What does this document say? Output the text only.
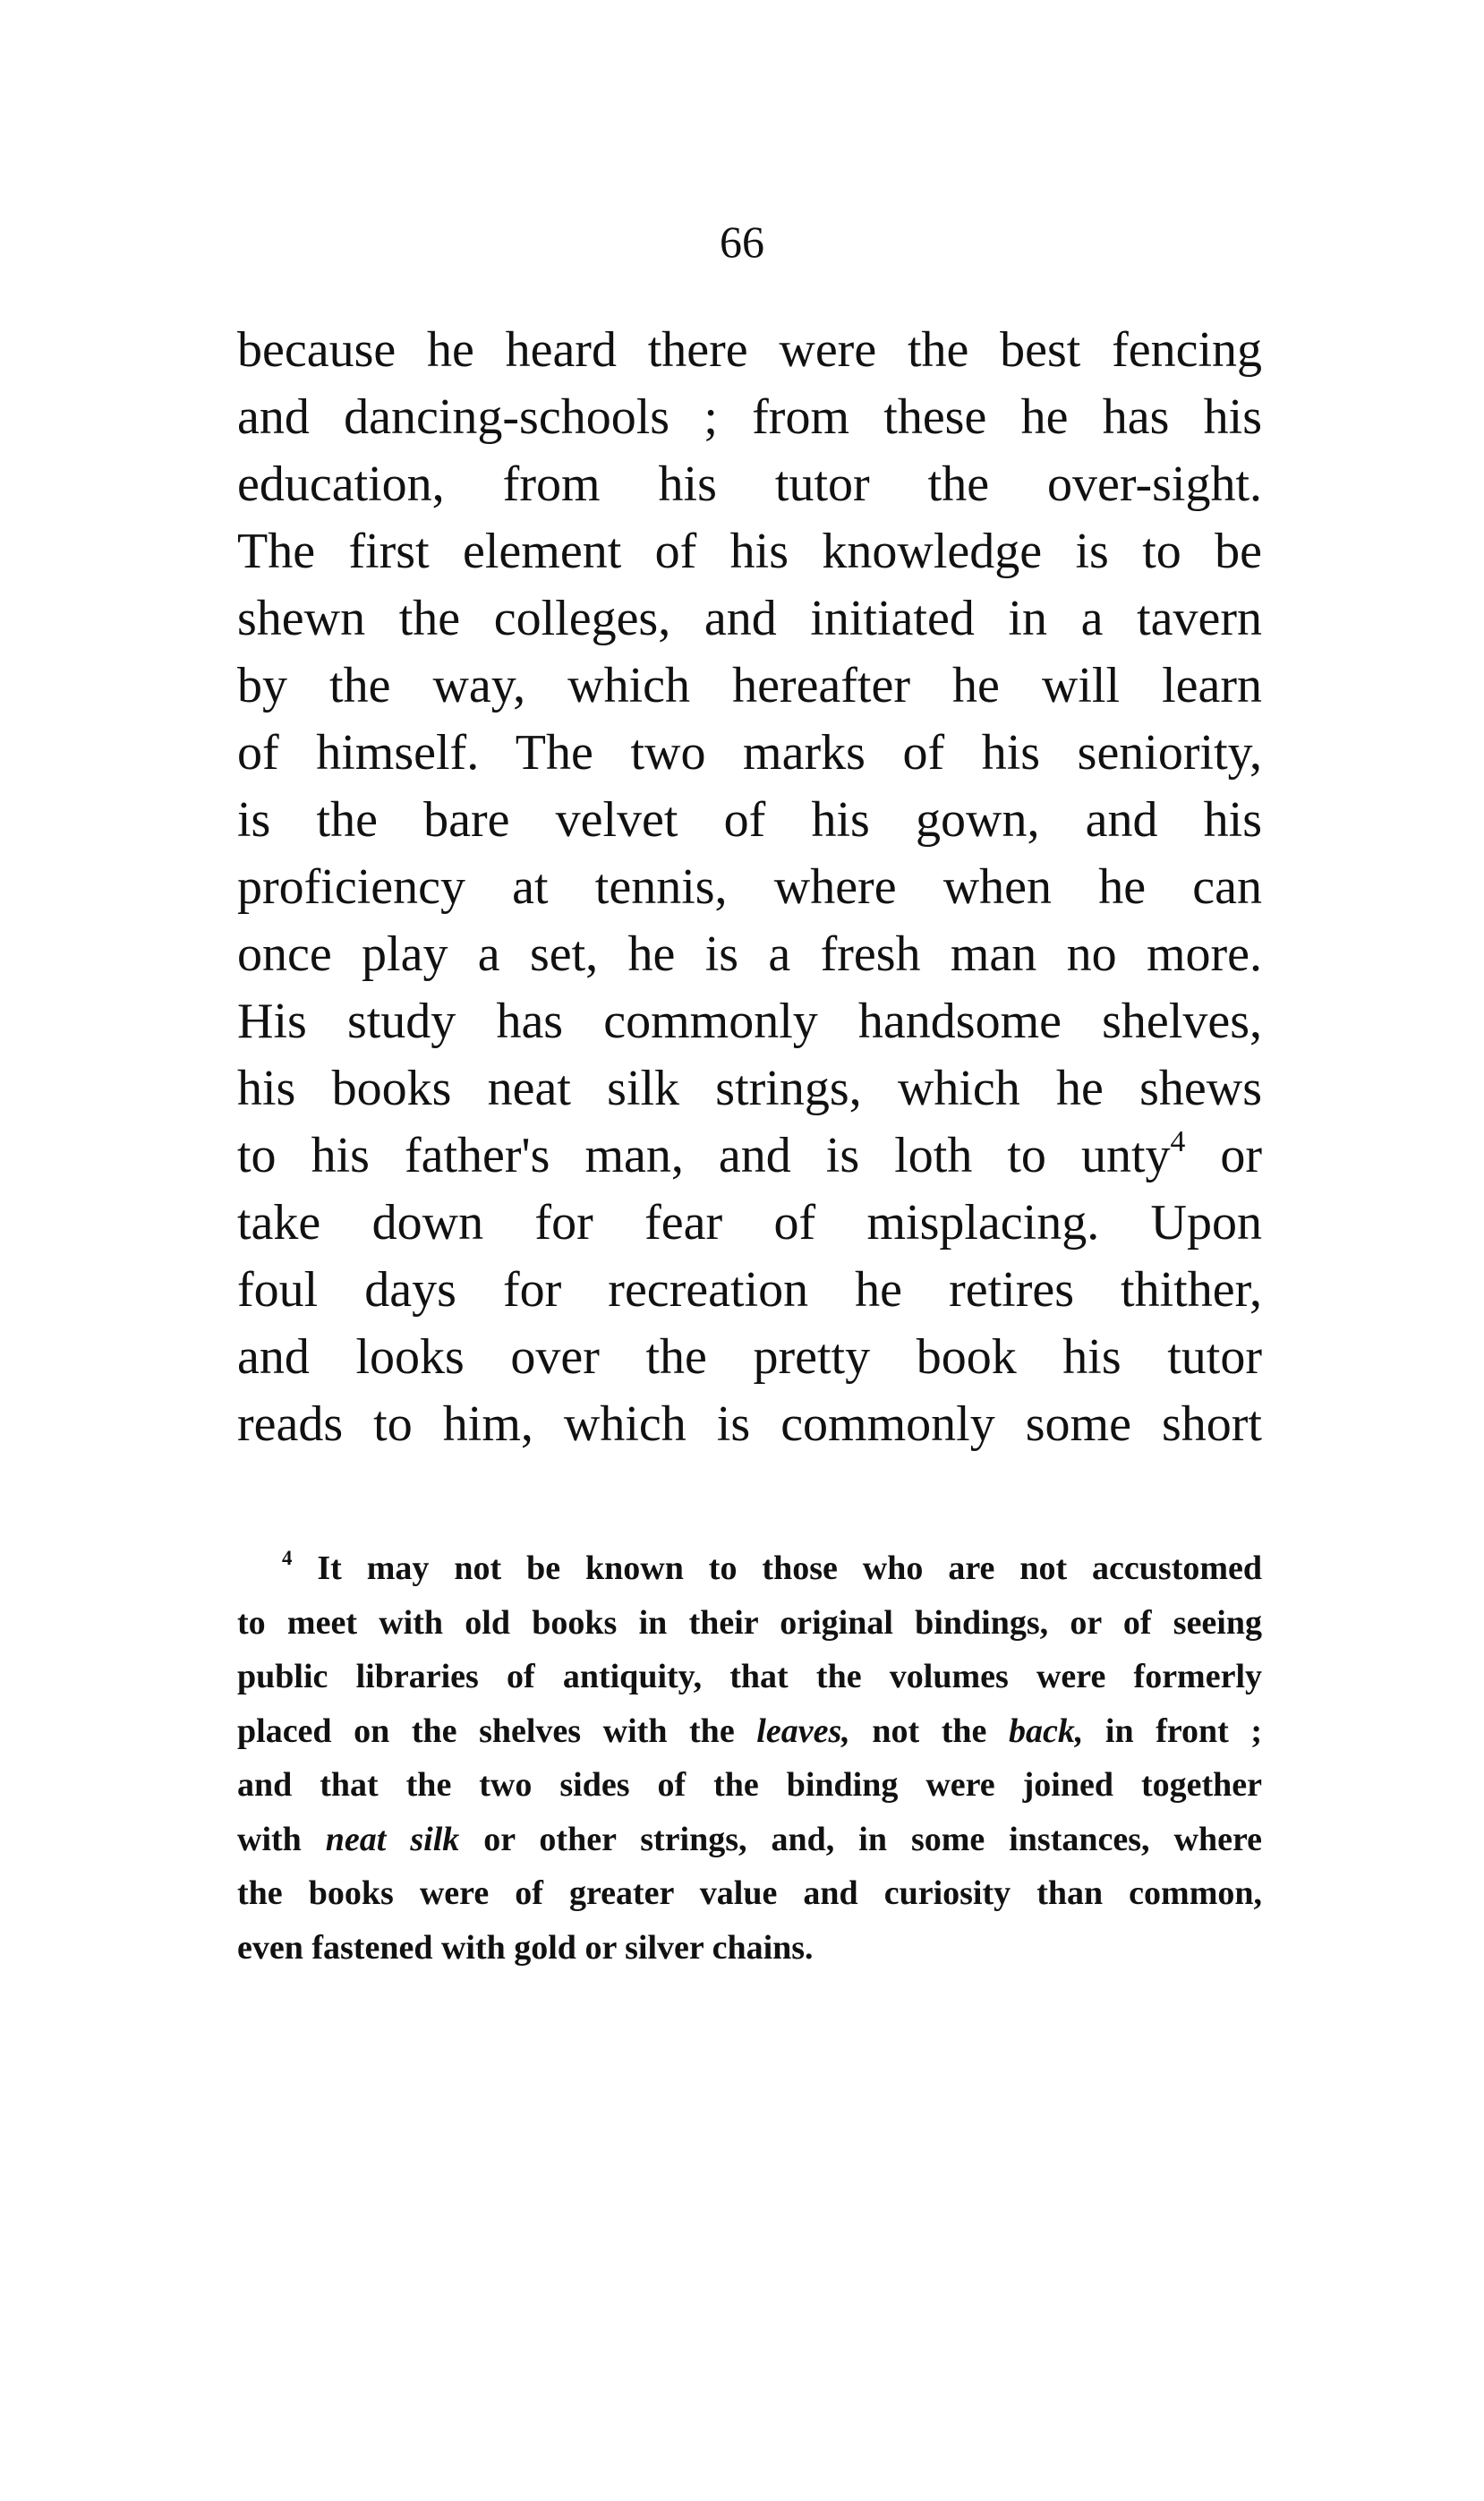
66
because he heard there were the best fencing
and dancing-schools ; from these he has his
education, from his tutor the over-sight.
The first element of his knowledge is to be
shewn the colleges, and initiated in a tavern
by the way, which hereafter he will learn
of himself. The two marks of his seniority,
is the bare velvet of his gown, and his
proficiency at tennis, where when he can
once play a set, he is a fresh man no more.
His study has commonly handsome shelves,
his books neat silk strings, which he shews
to his father's man, and is loth to unty$^4$ or
take down for fear of misplacing. Upon
foul days for recreation he retires thither,
and looks over the pretty book his tutor
reads to him, which is commonly some short
$^4$ It may not be known to those who are not accustomed
to meet with old books in their original bindings, or of seeing
public libraries of antiquity, that the volumes were formerly
placed on the shelves with the leaves, not the back, in front ;
and that the two sides of the binding were joined together
with neat silk or other strings, and, in some instances, where
the books were of greater value and curiosity than common,
even fastened with gold or silver chains.
